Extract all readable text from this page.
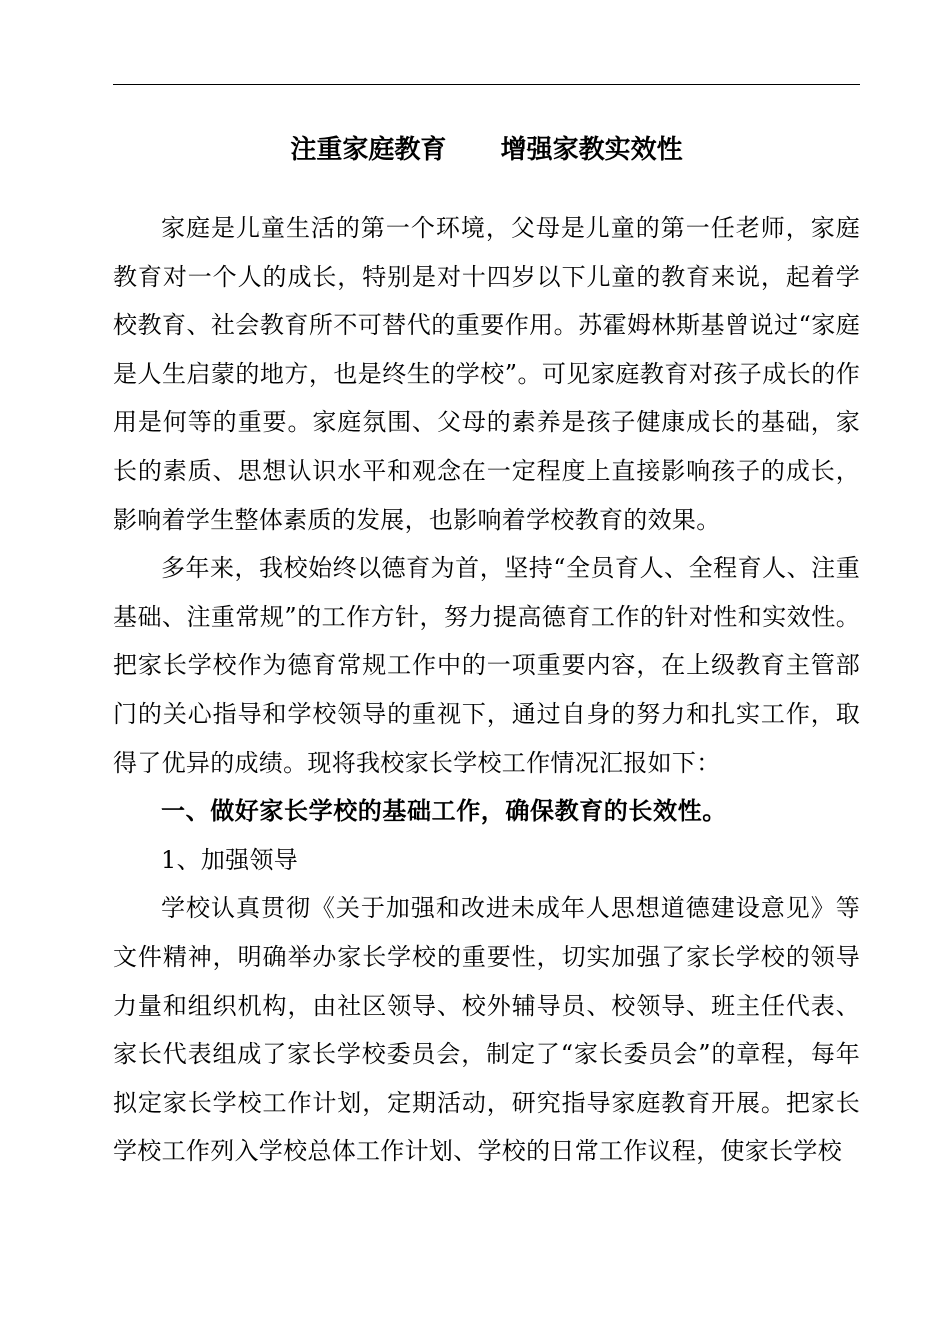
注重家庭教育      增强家教实效性

家庭是儿童生活的第一个环境，父母是儿童的第一任老师，家庭教育对一个人的成长，特别是对十四岁以下儿童的教育来说，起着学校教育、社会教育所不可替代的重要作用。苏霍姆林斯基曾说过“家庭是人生启蒙的地方，也是终生的学校”。可见家庭教育对孩子成长的作用是何等的重要。家庭氛围、父母的素养是孩子健康成长的基础，家长的素质、思想认识水平和观念在一定程度上直接影响孩子的成长，影响着学生整体素质的发展，也影响着学校教育的效果。

多年来，我校始终以德育为首，坚持“全员育人、全程育人、注重基础、注重常规”的工作方针，努力提高德育工作的针对性和实效性。把家长学校作为德育常规工作中的一项重要内容，在上级教育主管部门的关心指导和学校领导的重视下，通过自身的努力和扎实工作，取得了优异的成绩。现将我校家长学校工作情况汇报如下：

一、做好家长学校的基础工作，确保教育的长效性。

1、加强领导

学校认真贯彻《关于加强和改进未成年人思想道德建设意见》等文件精神，明确举办家长学校的重要性，切实加强了家长学校的领导力量和组织机构，由社区领导、校外辅导员、校领导、班主任代表、家长代表组成了家长学校委员会，制定了“家长委员会”的章程，每年拟定家长学校工作计划，定期活动，研究指导家庭教育开展。把家长学校工作列入学校总体工作计划、学校的日常工作议程，使家长学校
